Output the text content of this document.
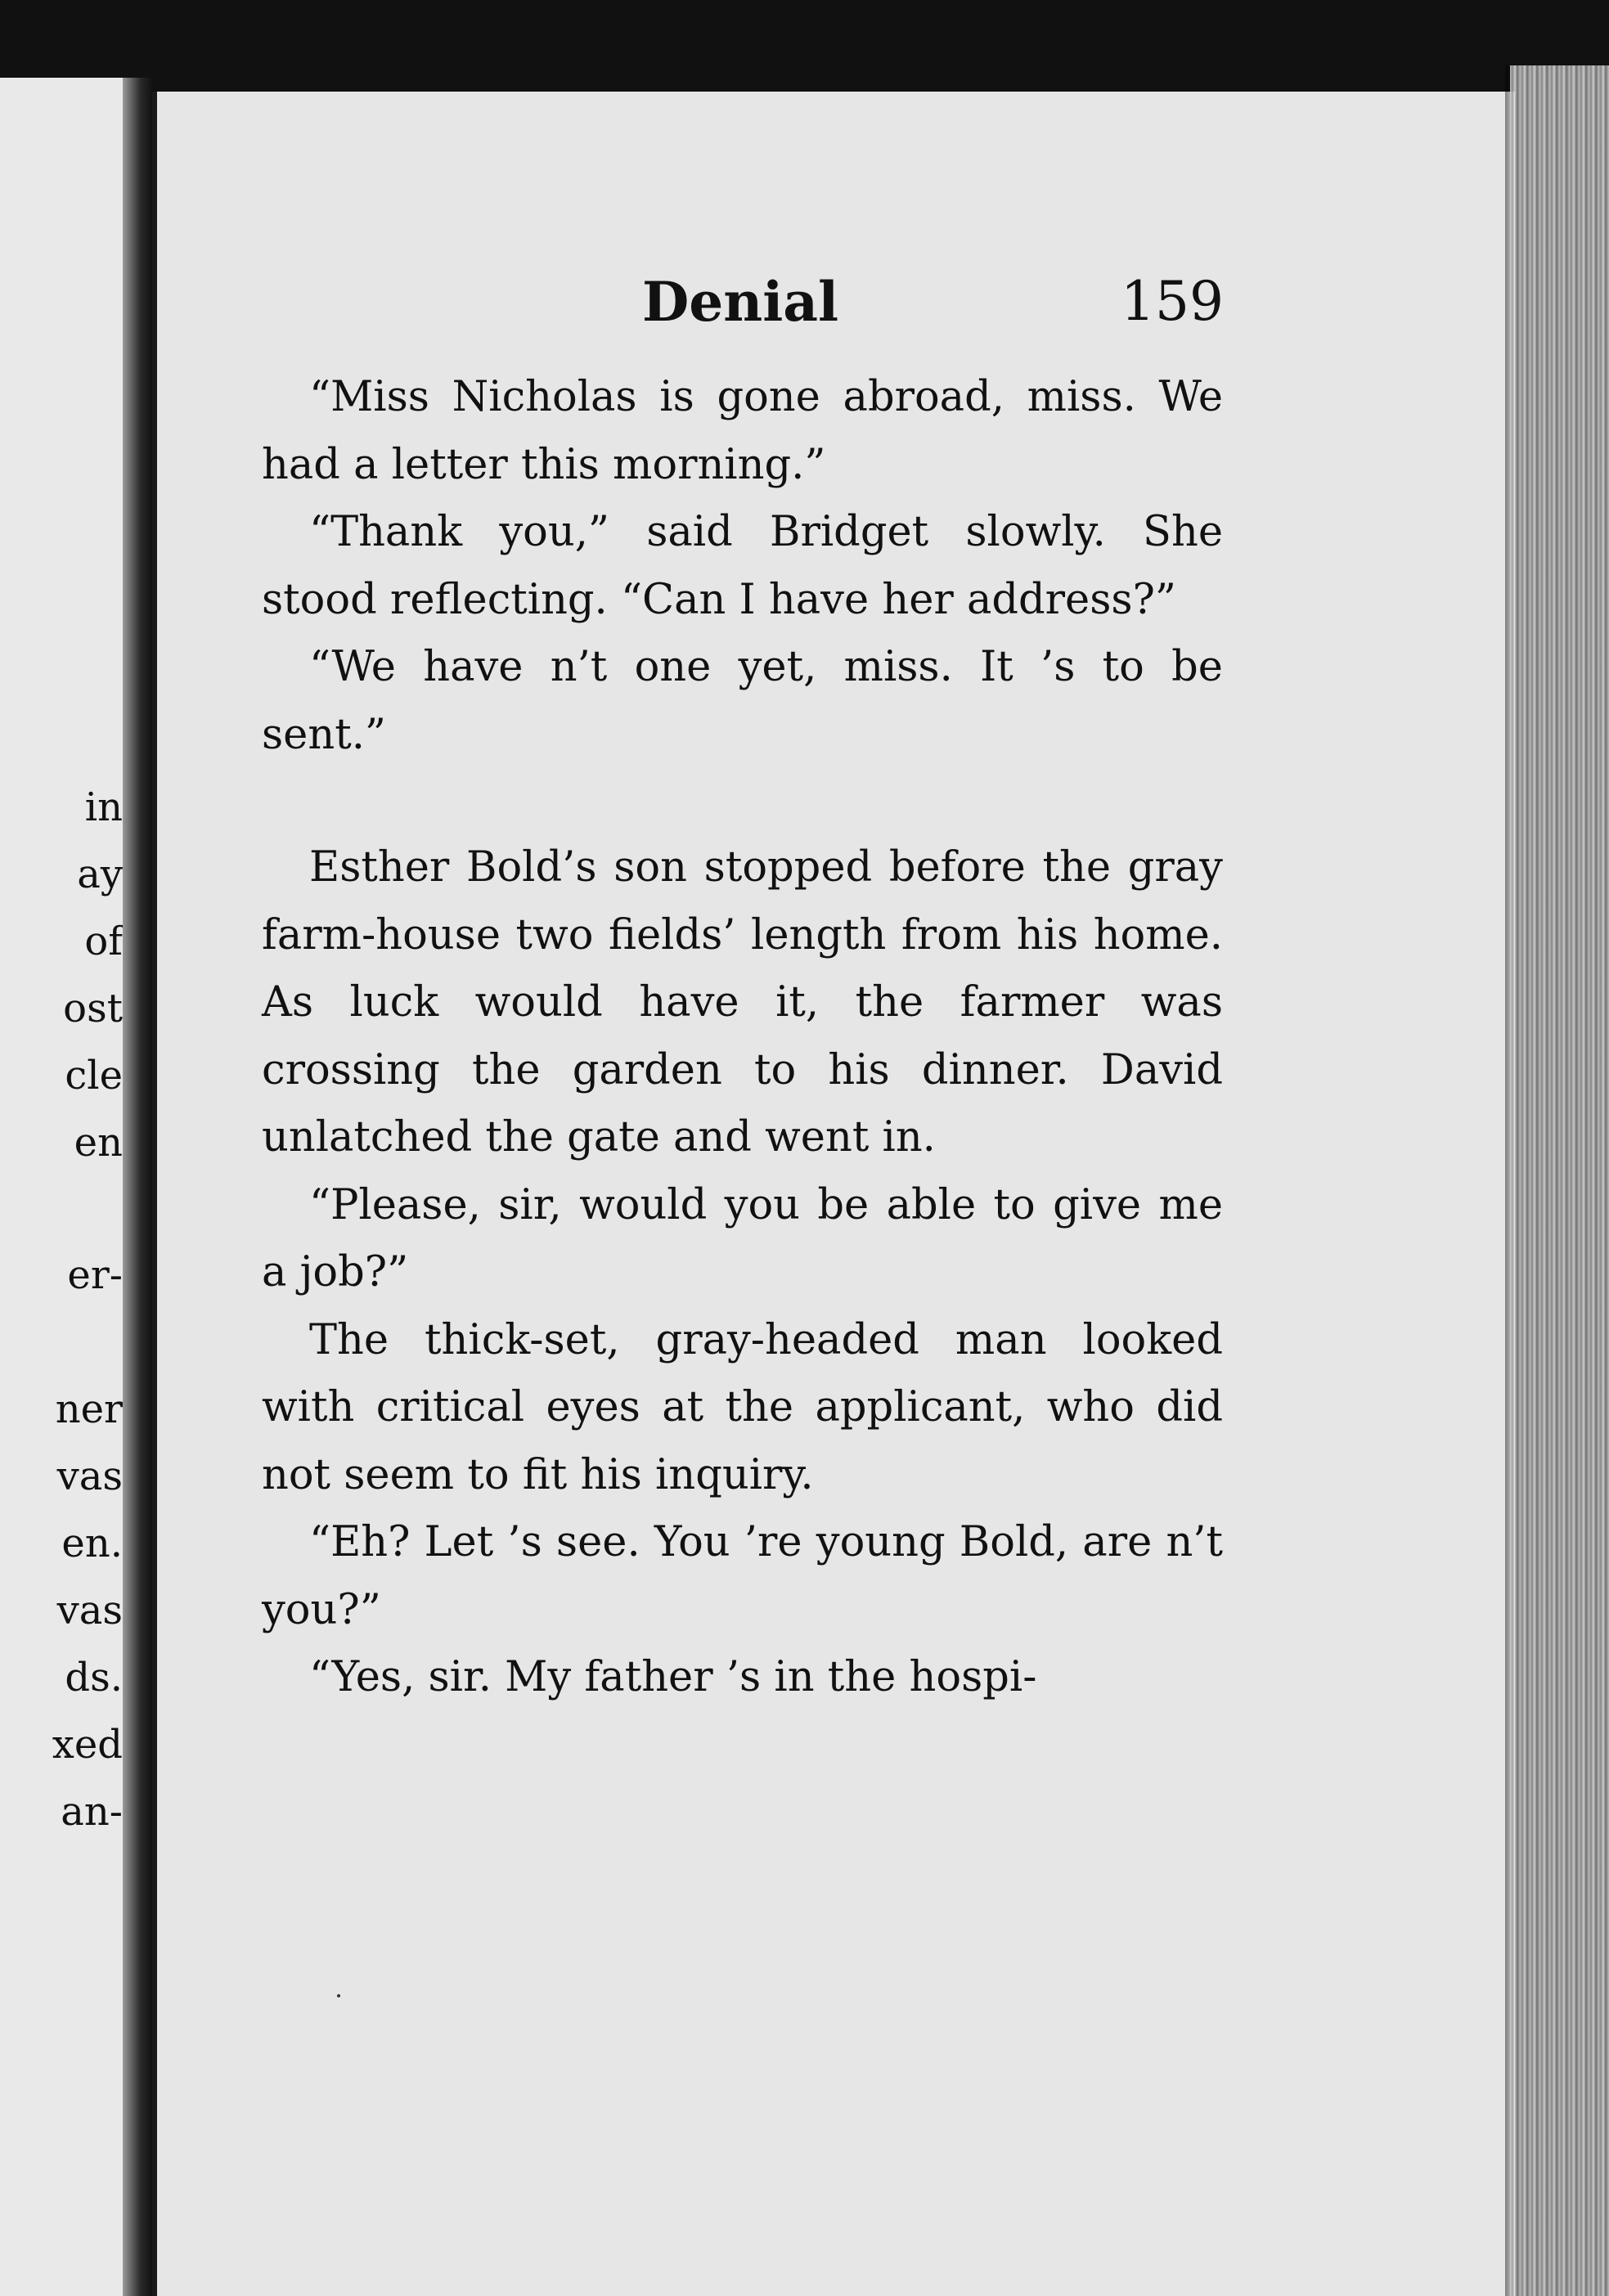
in
ay
of
ost
cle
en
er-
ner
vas
en.
vas
ds.
xed
an-
Denial	159

“Miss Nicholas is gone abroad, miss. We had a letter this morning.”

“Thank you,” said Bridget slowly. She stood reflecting. “Can I have her address?”

“We have n’t one yet, miss. It ’s to be sent.”

Esther Bold’s son stopped before the gray farm-house two fields’ length from his home. As luck would have it, the farmer was crossing the garden to his dinner. David unlatched the gate and went in.

“Please, sir, would you be able to give me a job?”

The thick-set, gray-headed man looked with critical eyes at the applicant, who did not seem to fit his inquiry.

“Eh? Let ’s see. You ’re young Bold, are n’t you?”

“Yes, sir. My father ’s in the hospi-
